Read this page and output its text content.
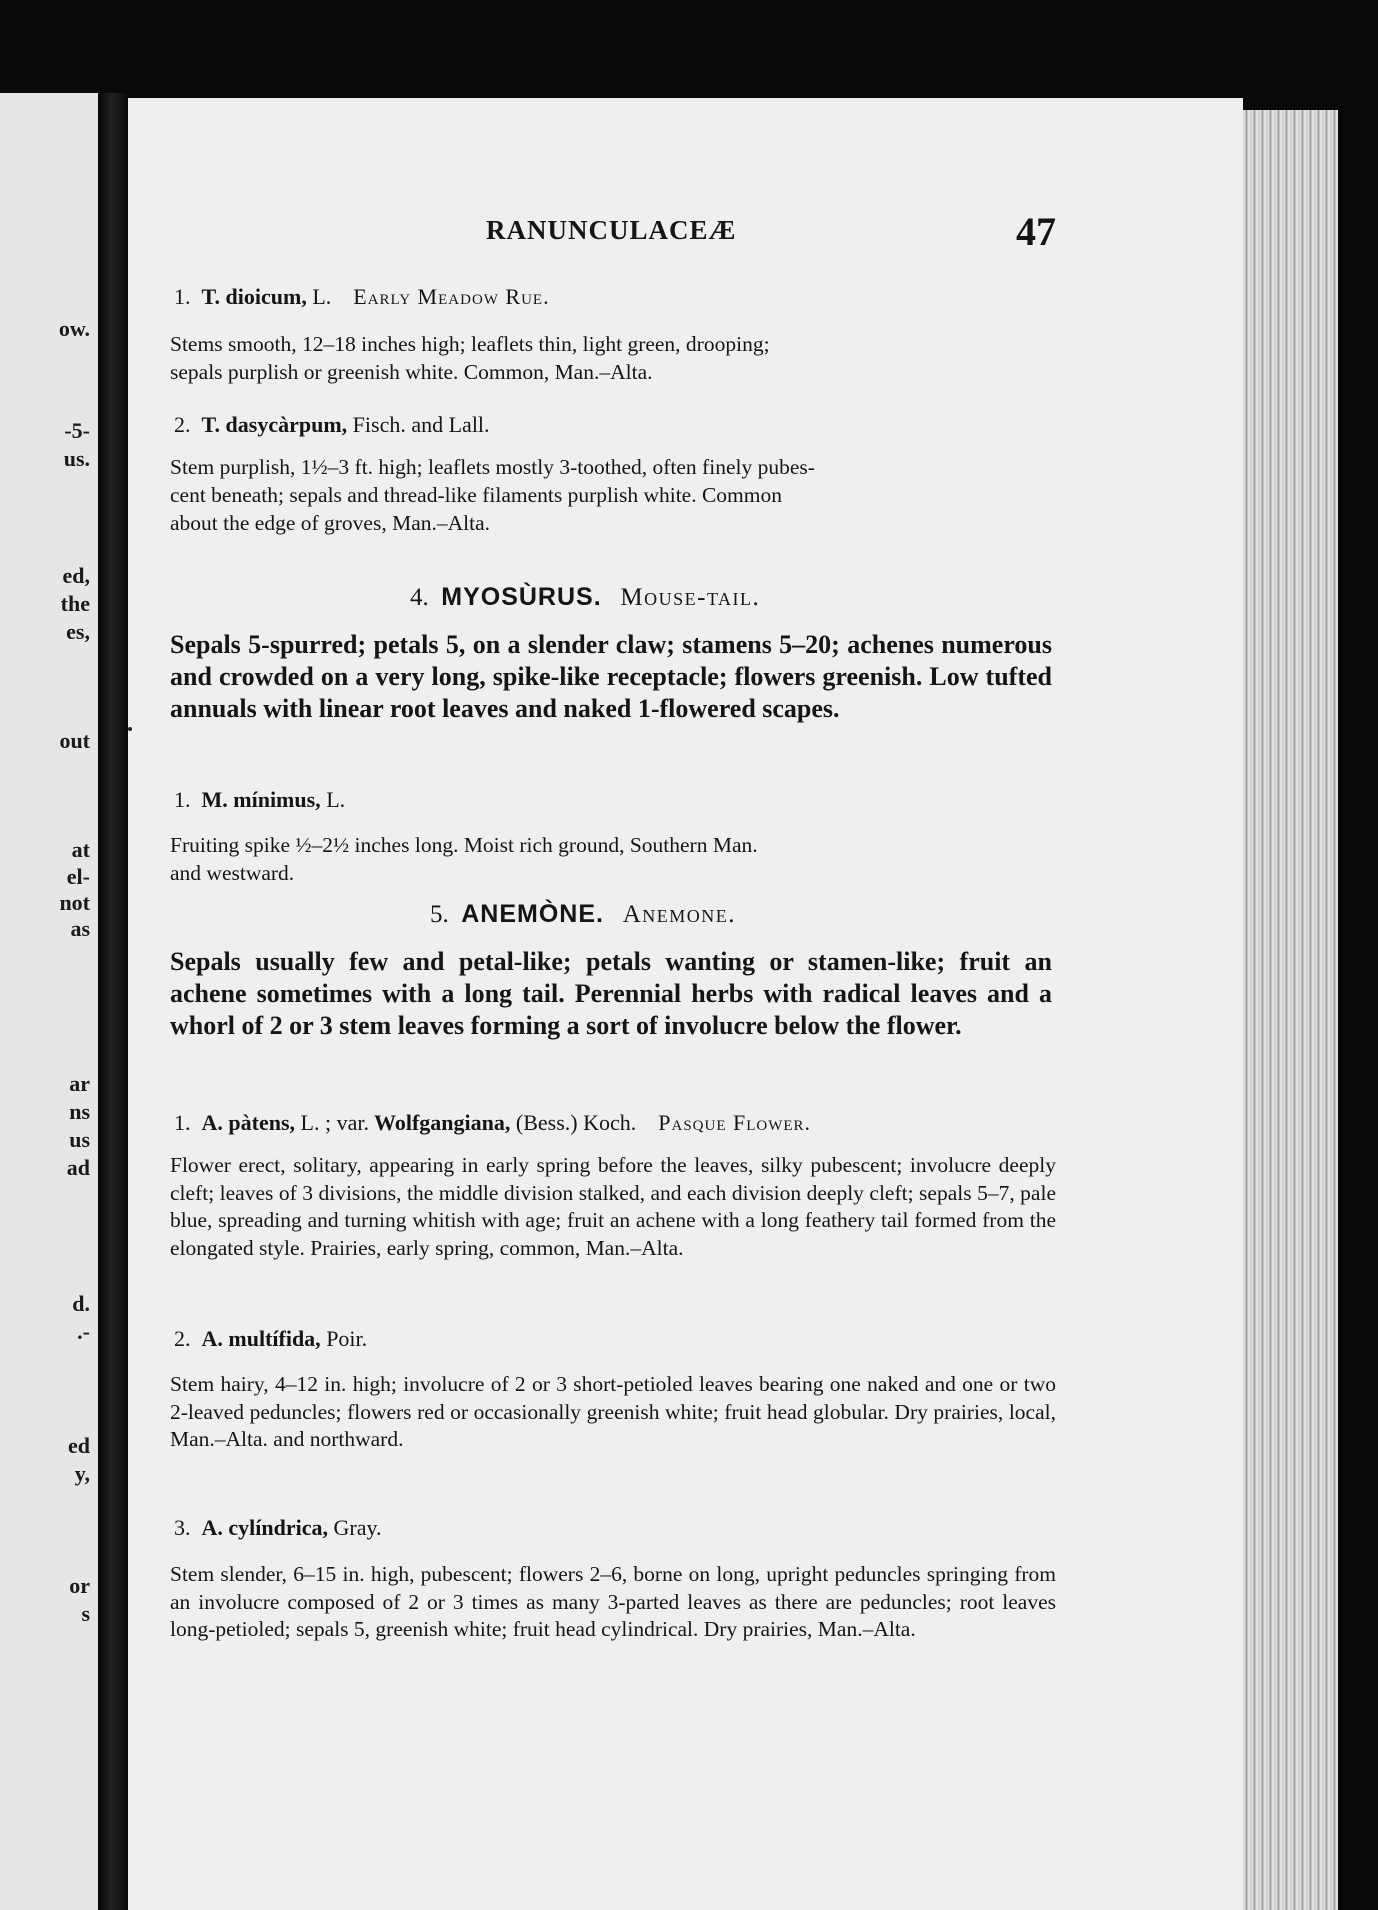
ow.
-5-
us.
ed,
the
es,
out
at
el-
not
as
ar
ns
us
ad
d.
.-
ed
y,
or
s
RANUNCULACEÆ	47
1. T. dioicum, L. Early Meadow Rue.
Stems smooth, 12–18 inches high; leaflets thin, light green, drooping;
sepals purplish or greenish white. Common, Man.–Alta.
2. T. dasycàrpum, Fisch. and Lall.
Stem purplish, 1½–3 ft. high; leaflets mostly 3-toothed, often finely pubes-
cent beneath; sepals and thread-like filaments purplish white. Common
about the edge of groves, Man.–Alta.
4. MYOSÙRUS. Mouse-tail.
Sepals 5-spurred; petals 5, on a slender claw; stamens 5–20; achenes numerous and crowded on a very long, spike-like receptacle; flowers greenish. Low tufted annuals with linear root leaves and naked 1-flowered scapes.
1. M. mínimus, L.
Fruiting spike ½–2½ inches long. Moist rich ground, Southern Man.
and westward.
5. ANEMÒNE. Anemone.
Sepals usually few and petal-like; petals wanting or stamen-like; fruit an achene sometimes with a long tail. Perennial herbs with radical leaves and a whorl of 2 or 3 stem leaves forming a sort of involucre below the flower.
1. A. pàtens, L. ; var. Wolfgangiana, (Bess.) Koch. Pasque Flower.
Flower erect, solitary, appearing in early spring before the leaves, silky pubescent; involucre deeply cleft; leaves of 3 divisions, the middle division stalked, and each division deeply cleft; sepals 5–7, pale blue, spreading and turning whitish with age; fruit an achene with a long feathery tail formed from the elongated style. Prairies, early spring, common, Man.–Alta.
2. A. multífida, Poir.
Stem hairy, 4–12 in. high; involucre of 2 or 3 short-petioled leaves bearing one naked and one or two 2-leaved peduncles; flowers red or occasionally greenish white; fruit head globular. Dry prairies, local, Man.–Alta. and northward.
3. A. cylíndrica, Gray.
Stem slender, 6–15 in. high, pubescent; flowers 2–6, borne on long, upright peduncles springing from an involucre composed of 2 or 3 times as many 3-parted leaves as there are peduncles; root leaves long-petioled; sepals 5, greenish white; fruit head cylindrical. Dry prairies, Man.–Alta.
